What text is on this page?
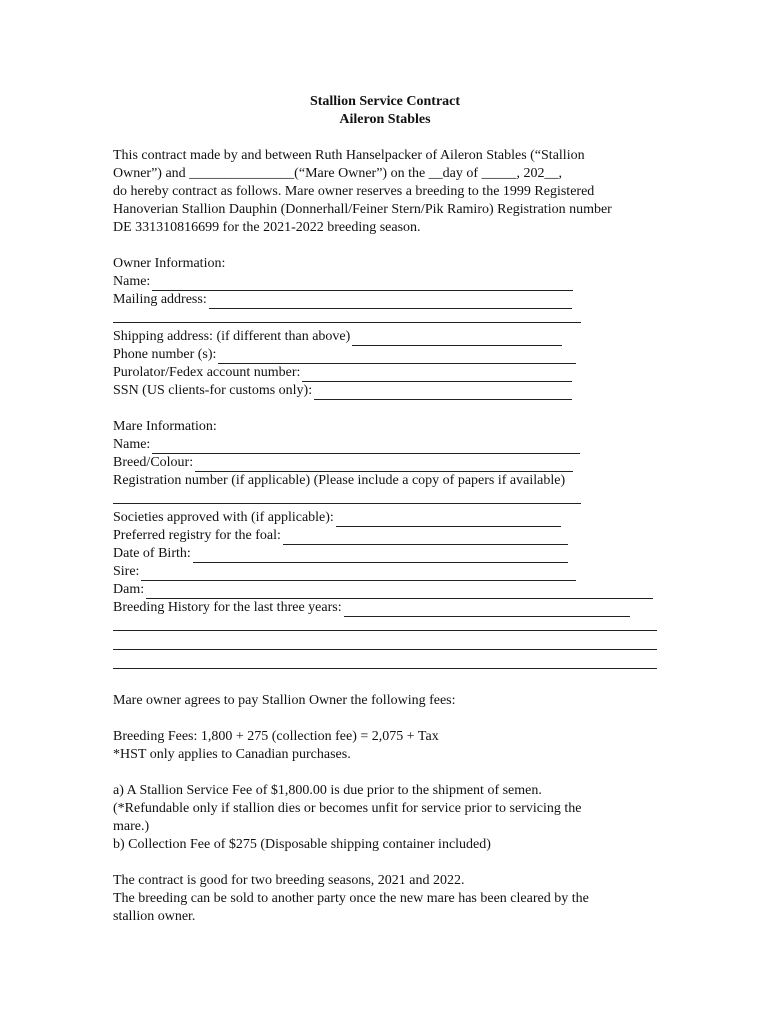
Stallion Service Contract
Aileron Stables
This contract made by and between Ruth Hanselpacker of Aileron Stables (“Stallion
Owner”) and _______________(“Mare Owner”) on the __day of _____, 202__,
do hereby contract as follows. Mare owner reserves a breeding to the 1999 Registered
Hanoverian Stallion Dauphin (Donnerhall/Feiner Stern/Pik Ramiro) Registration number
DE 331310816699 for the 2021-2022 breeding season.
Owner Information:
Name:
Mailing address:
Shipping address: (if different than above)
Phone number (s):
Purolator/Fedex account number:
SSN (US clients-for customs only):
Mare Information:
Name:
Breed/Colour:
Registration number (if applicable) (Please include a copy of papers if available)
Societies approved with (if applicable):
Preferred registry for the foal:
Date of Birth:
Sire:
Dam:
Breeding History for the last three years:
Mare owner agrees to pay Stallion Owner the following fees:
Breeding Fees: 1,800 + 275 (collection fee) = 2,075 + Tax
*HST only applies to Canadian purchases.
a) A Stallion Service Fee of $1,800.00 is due prior to the shipment of semen.
(*Refundable only if stallion dies or becomes unfit for service prior to servicing the
mare.)
b) Collection Fee of $275 (Disposable shipping container included)
The contract is good for two breeding seasons, 2021 and 2022.
The breeding can be sold to another party once the new mare has been cleared by the
stallion owner.
